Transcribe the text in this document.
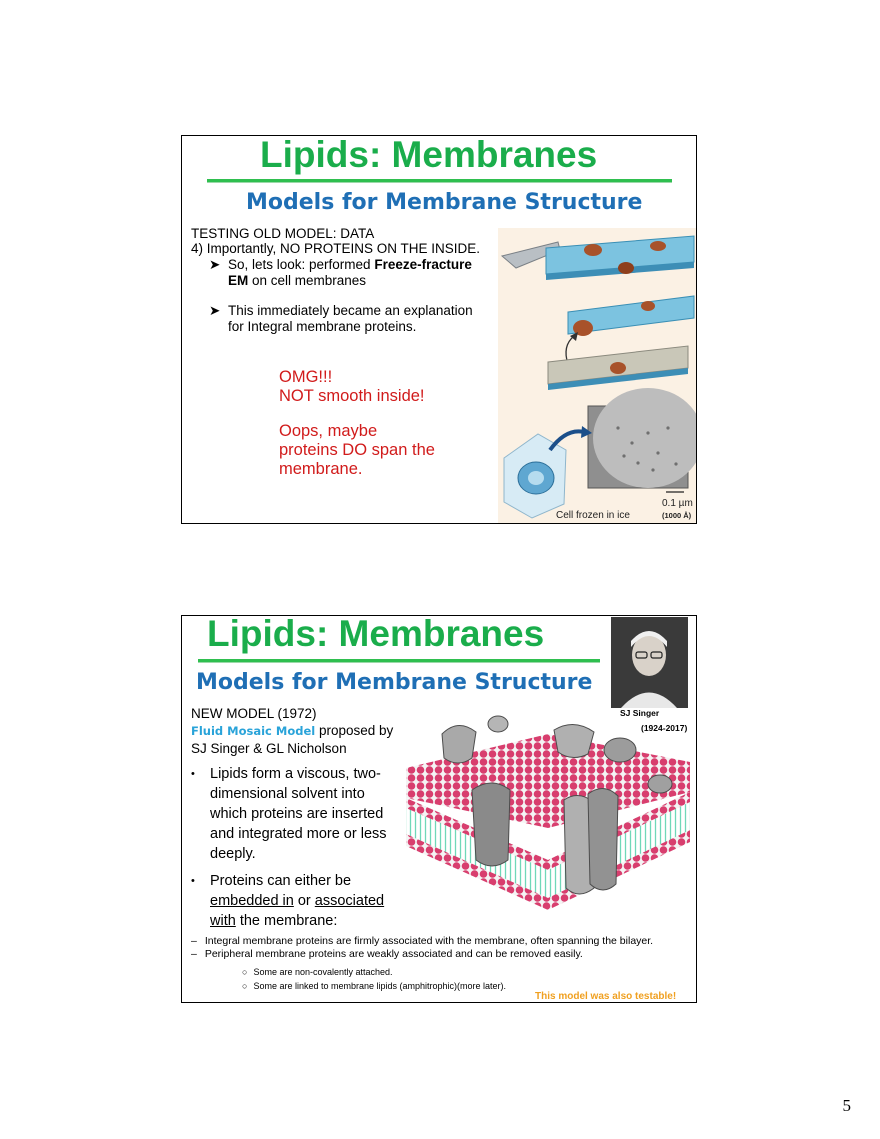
Lipids: Membranes
Models for Membrane Structure
TESTING OLD MODEL: DATA
4) Importantly, NO PROTEINS ON THE INSIDE.
➤ So, lets look: performed Freeze-fracture
EM on cell membranes
➤ This immediately became an explanation
for Integral membrane proteins.
OMG!!!
NOT smooth inside!
Oops, maybe
proteins DO span the
membrane.
0.1 µm
(1000 Å)
Cell frozen in ice
Lipids: Membranes
Models for Membrane Structure
SJ Singer
(1924-2017)
NEW MODEL (1972)
Fluid Mosaic Model proposed by
SJ Singer & GL Nicholson
• Lipids form a viscous, two-
dimensional solvent into
which proteins are inserted
and integrated more or less
deeply.
• Proteins can either be
embedded in or associated
with the membrane:
– Integral membrane proteins are firmly associated with the membrane, often spanning the bilayer.
– Peripheral membrane proteins are weakly associated and can be removed easily.
○ Some are non-covalently attached.
○ Some are linked to membrane lipids (amphitrophic)(more later).
This model was also testable!
5
